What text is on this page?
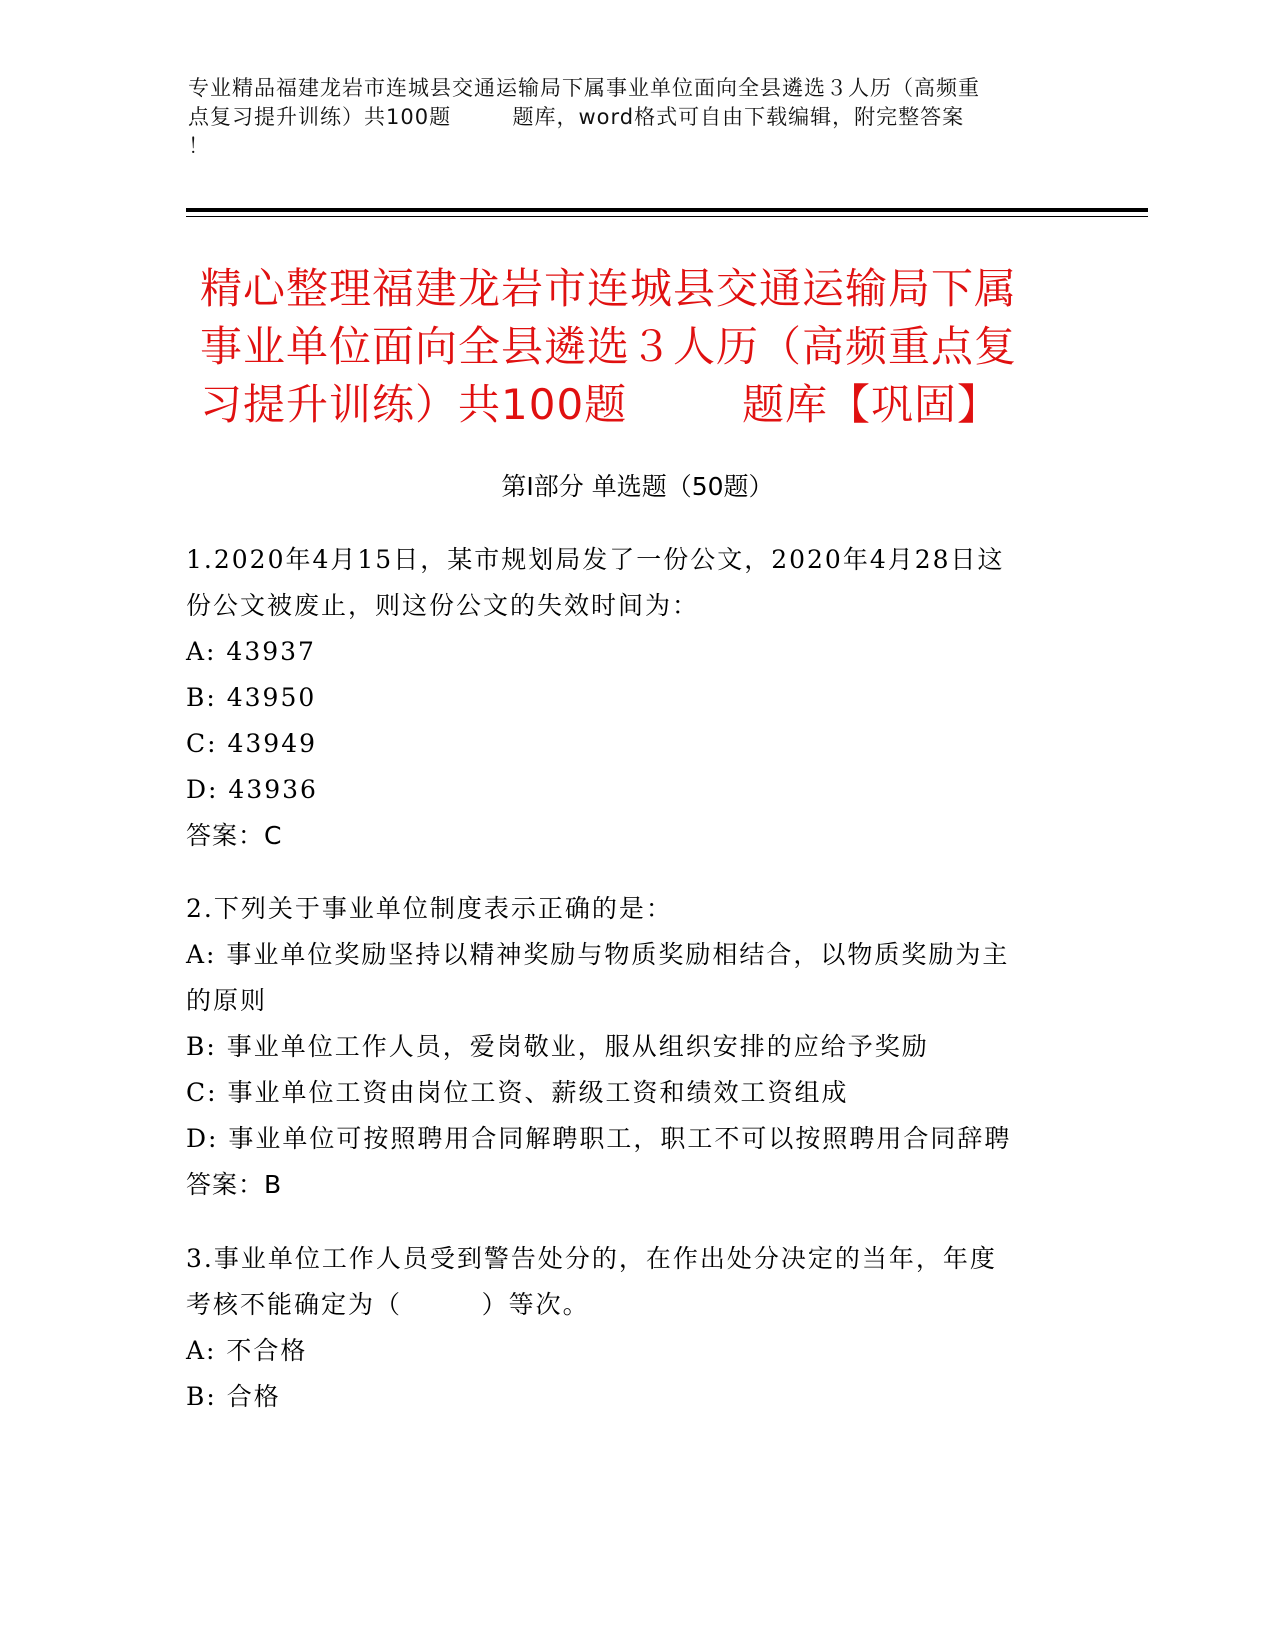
专业精品福建龙岩市连城县交通运输局下属事业单位面向全县遴选３人历（高频重
点复习提升训练）共100题        题库，word格式可自由下载编辑，附完整答案
！
精心整理福建龙岩市连城县交通运输局下属
事业单位面向全县遴选３人历（高频重点复
习提升训练）共100题        题库【巩固】
第Ⅰ部分 单选题（50题）
1.2020年4月15日，某市规划局发了一份公文，2020年4月28日这
份公文被废止，则这份公文的失效时间为：
A: 43937
B: 43950
C: 43949
D: 43936
答案：C
2.下列关于事业单位制度表示正确的是：
A: 事业单位奖励坚持以精神奖励与物质奖励相结合，以物质奖励为主
的原则
B: 事业单位工作人员，爱岗敬业，服从组织安排的应给予奖励
C: 事业单位工资由岗位工资、薪级工资和绩效工资组成
D: 事业单位可按照聘用合同解聘职工，职工不可以按照聘用合同辞聘
答案：B
3.事业单位工作人员受到警告处分的，在作出处分决定的当年，年度
考核不能确定为（        ）等次。
A: 不合格
B: 合格
